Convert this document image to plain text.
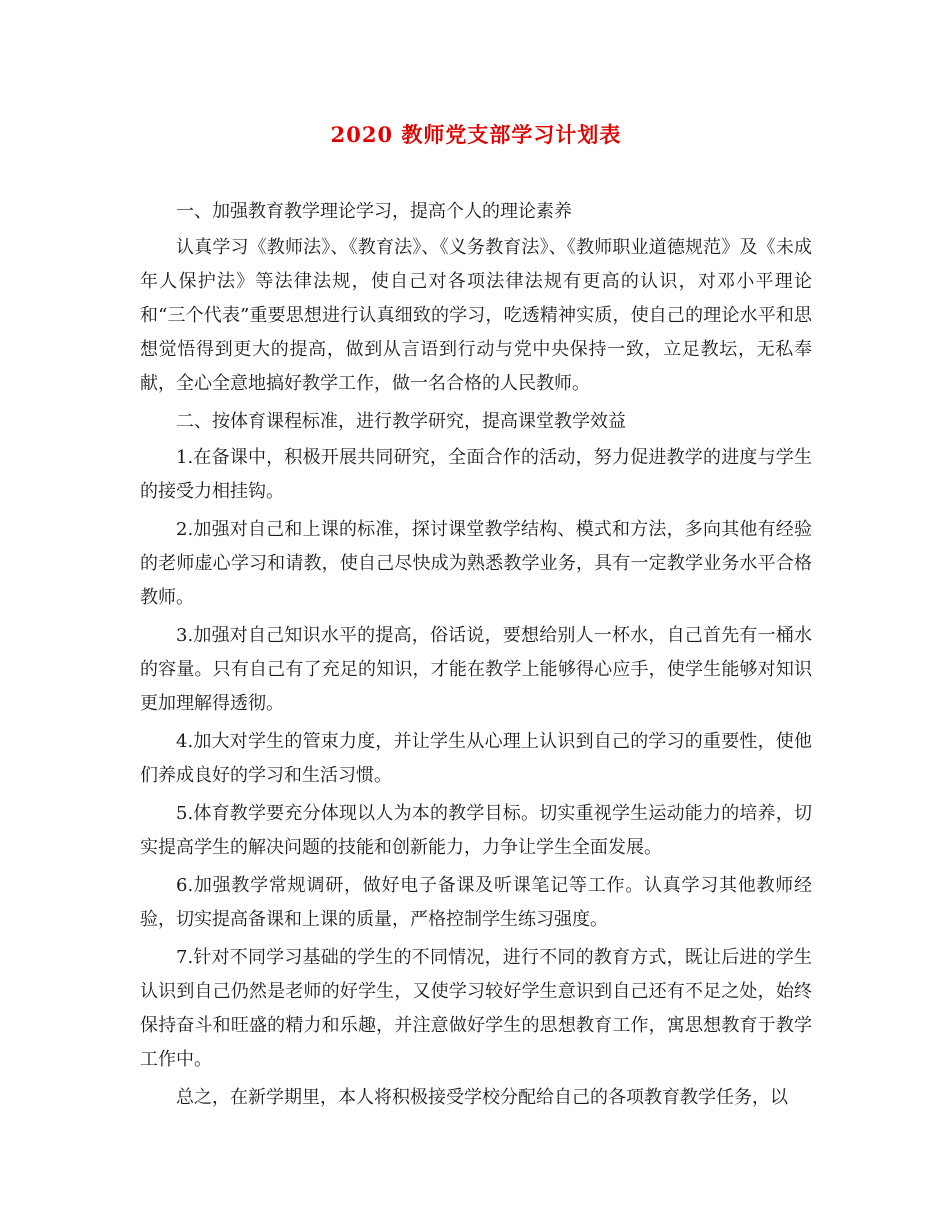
2020 教师党支部学习计划表

一、加强教育教学理论学习，提高个人的理论素养

认真学习《教师法》、《教育法》、《义务教育法》、《教师职业道德规范》及《未成年人保护法》等法律法规，使自己对各项法律法规有更高的认识，对邓小平理论和“三个代表”重要思想进行认真细致的学习，吃透精神实质，使自己的理论水平和思想觉悟得到更大的提高，做到从言语到行动与党中央保持一致，立足教坛，无私奉献，全心全意地搞好教学工作，做一名合格的人民教师。

二、按体育课程标准，进行教学研究，提高课堂教学效益

1.在备课中，积极开展共同研究，全面合作的活动，努力促进教学的进度与学生的接受力相挂钩。

2.加强对自己和上课的标准，探讨课堂教学结构、模式和方法，多向其他有经验的老师虚心学习和请教，使自己尽快成为熟悉教学业务，具有一定教学业务水平合格教师。

3.加强对自己知识水平的提高，俗话说，要想给别人一杯水，自己首先有一桶水的容量。只有自己有了充足的知识，才能在教学上能够得心应手，使学生能够对知识更加理解得透彻。

4.加大对学生的管束力度，并让学生从心理上认识到自己的学习的重要性，使他们养成良好的学习和生活习惯。

5.体育教学要充分体现以人为本的教学目标。切实重视学生运动能力的培养，切实提高学生的解决问题的技能和创新能力，力争让学生全面发展。

6.加强教学常规调研，做好电子备课及听课笔记等工作。认真学习其他教师经验，切实提高备课和上课的质量，严格控制学生练习强度。

7.针对不同学习基础的学生的不同情况，进行不同的教育方式，既让后进的学生认识到自己仍然是老师的好学生，又使学习较好学生意识到自己还有不足之处，始终保持奋斗和旺盛的精力和乐趣，并注意做好学生的思想教育工作，寓思想教育于教学工作中。

总之，在新学期里，本人将积极接受学校分配给自己的各项教育教学任务，以
